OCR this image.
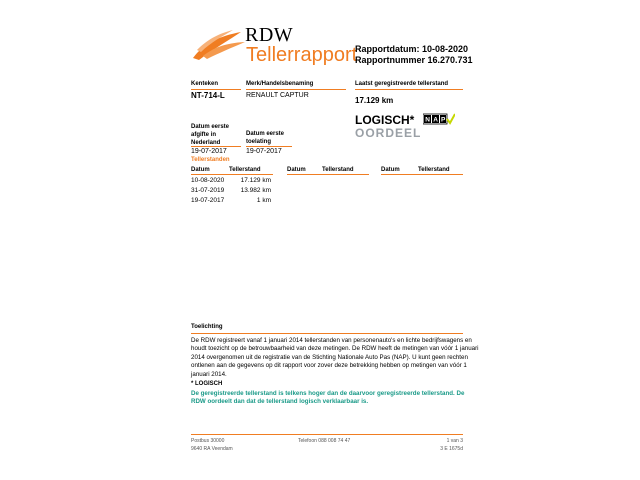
RDW
Tellerrapport
Rapportdatum: 10-08-2020
Rapportnummer 16.270.731
Kenteken
NT-714-L
Merk/Handelsbenaming
RENAULT CAPTUR
Laatst geregistreerde tellerstand
17.129 km
LOGISCH* N A P
OORDEEL
Datum eerste
afgifte in
Nederland
19-07-2017
Datum eerste
toelating
19-07-2017
Tellerstanden
Datum	Tellerstand	Datum	Tellerstand	Datum	Tellerstand
10-08-2020	17.129 km
31-07-2019	13.982 km
19-07-2017	1 km
Toelichting
De RDW registreert vanaf 1 januari 2014 tellerstanden van personenauto's en lichte bedrijfswagens en houdt toezicht op de betrouwbaarheid van deze metingen. De RDW heeft de metingen van vóór 1 januari 2014 overgenomen uit de registratie van de Stichting Nationale Auto Pas (NAP). U kunt geen rechten ontlenen aan de gegevens op dit rapport voor zover deze betrekking hebben op metingen van vóór 1 januari 2014.
* LOGISCH
De geregistreerde tellerstand is telkens hoger dan de daarvoor geregistreerde tellerstand. De RDW oordeelt dan dat de tellerstand logisch verklaarbaar is.
Postbus 30000
9640 RA Veendam
Telefoon 088 008 74 47	1 van 3
3 E 1675d
